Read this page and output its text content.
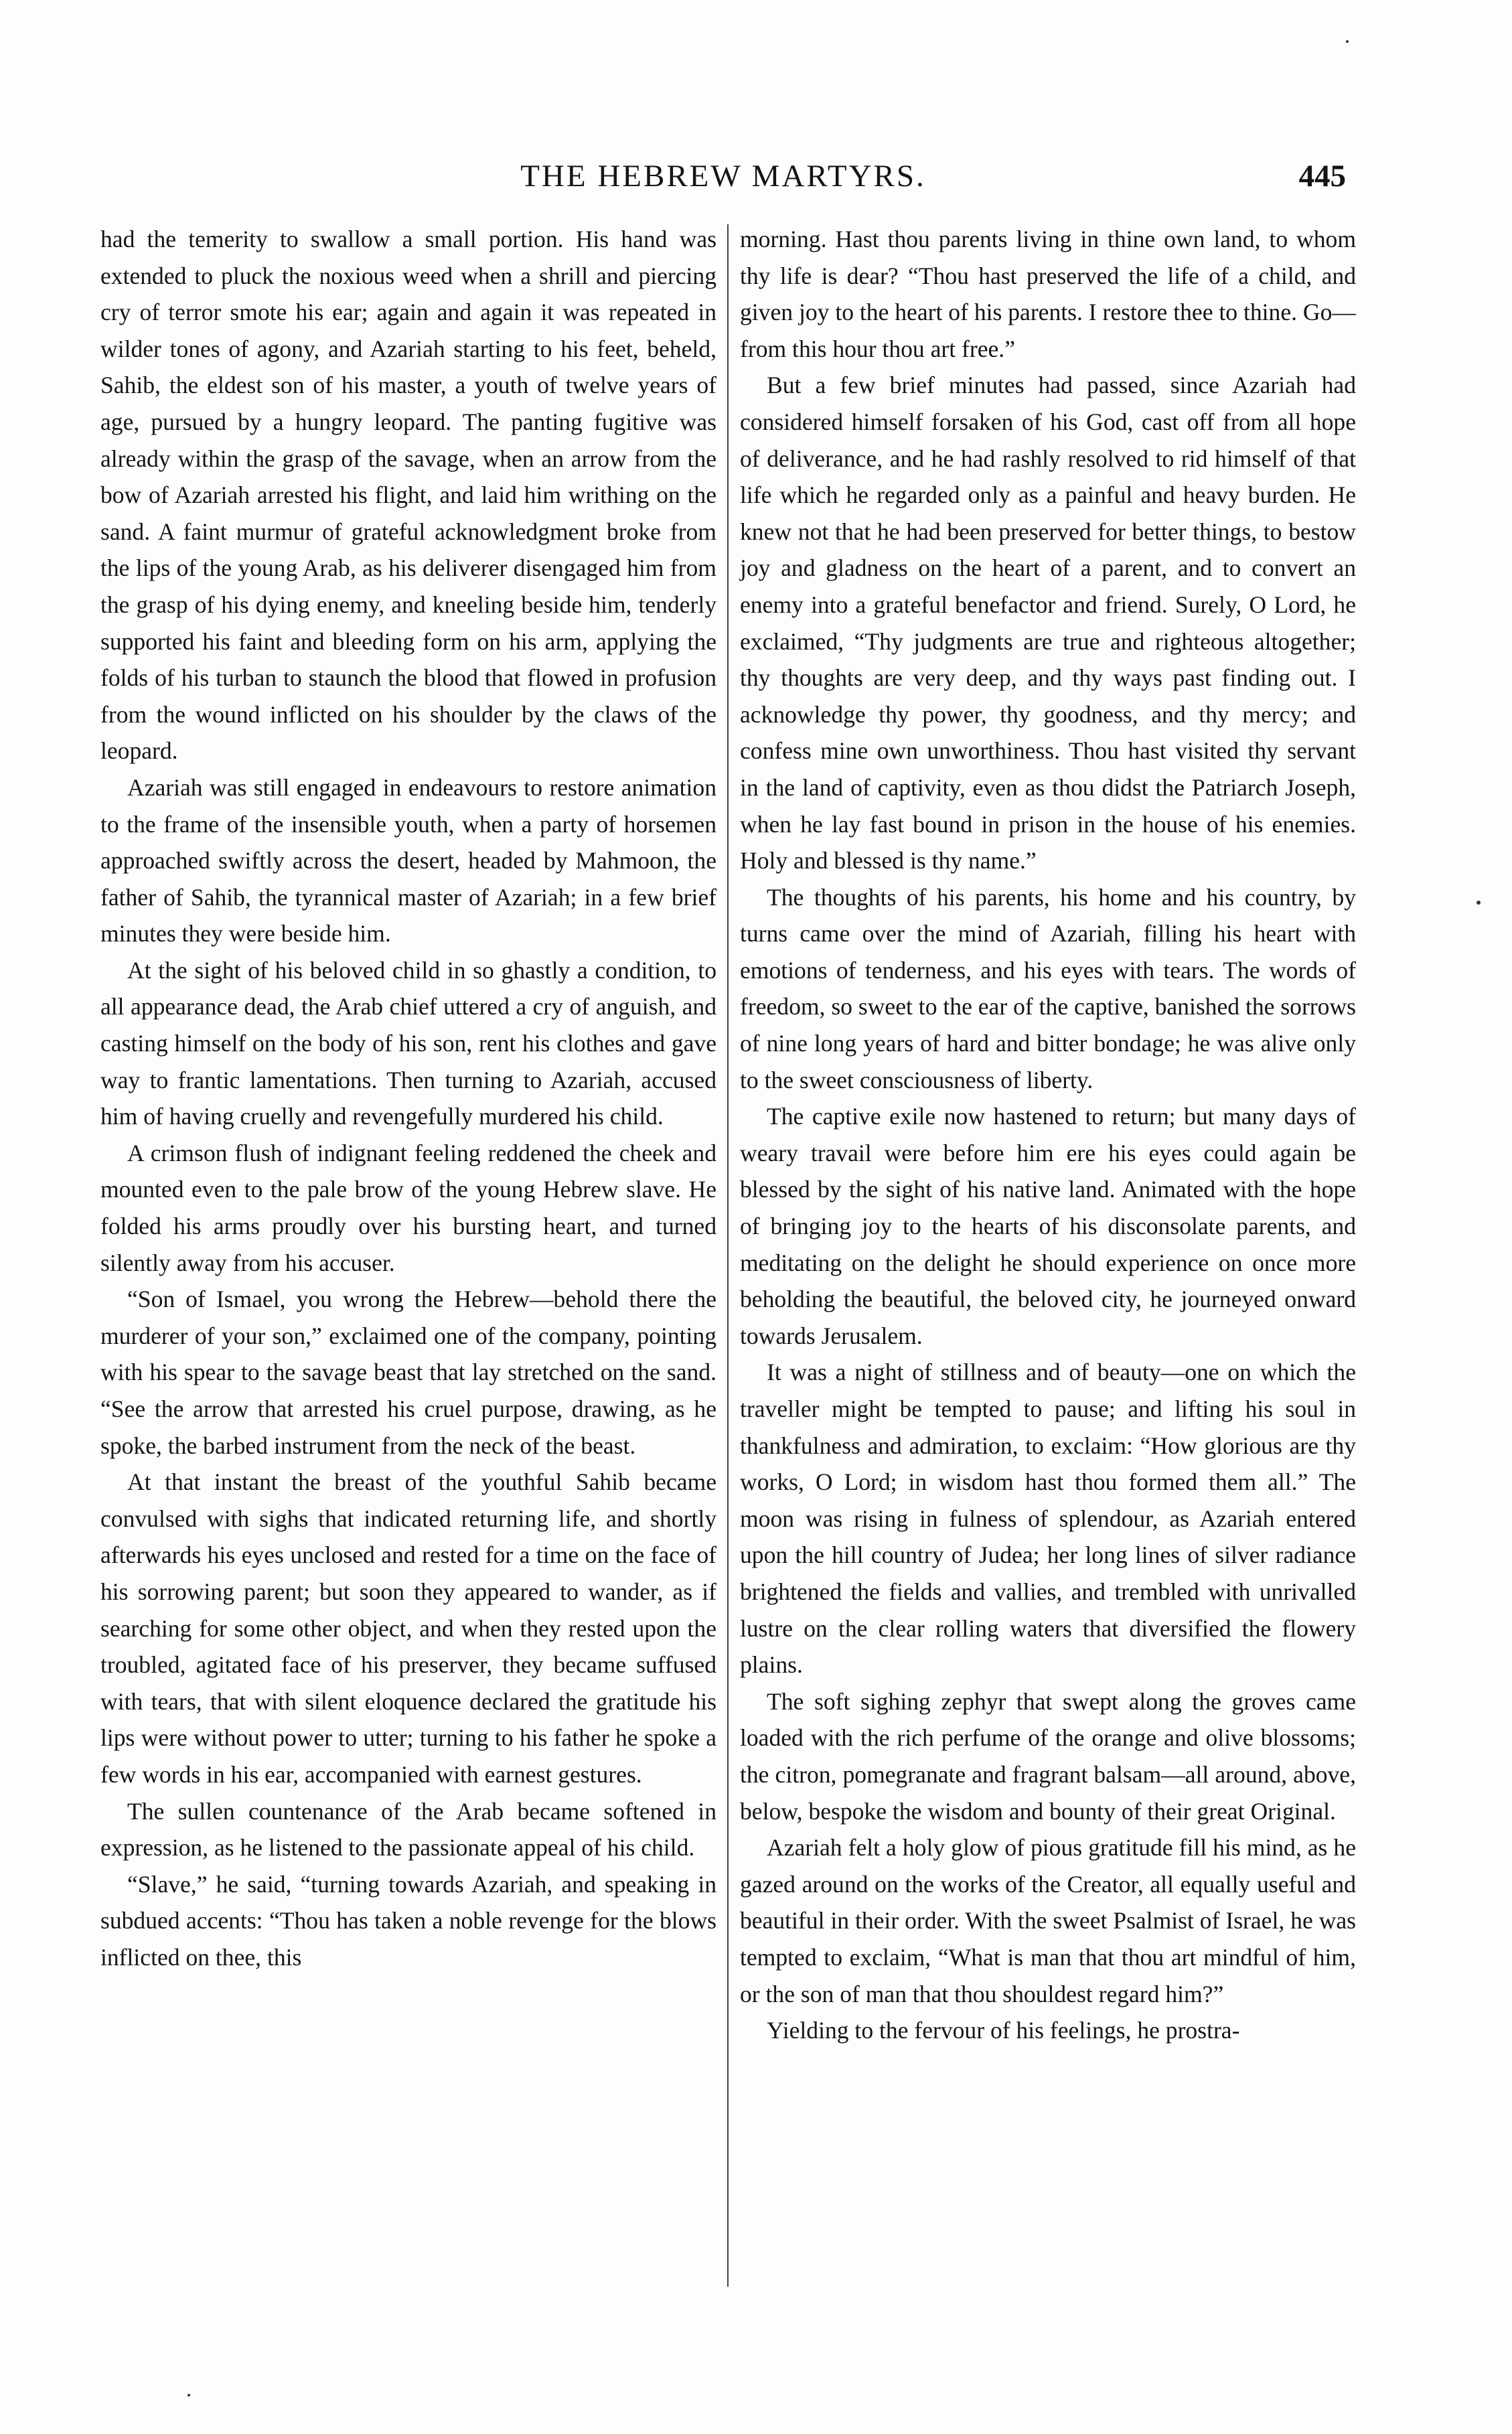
THE HEBREW MARTYRS.	445

had the temerity to swallow a small portion. His hand was extended to pluck the noxious weed when a shrill and piercing cry of terror smote his ear; again and again it was repeated in wilder tones of agony, and Azariah starting to his feet, beheld, Sahib, the eldest son of his master, a youth of twelve years of age, pursued by a hungry leopard. The panting fugitive was already within the grasp of the savage, when an arrow from the bow of Azariah arrested his flight, and laid him writhing on the sand. A faint murmur of grateful acknowledgment broke from the lips of the young Arab, as his deliverer disengaged him from the grasp of his dying enemy, and kneeling beside him, tenderly supported his faint and bleeding form on his arm, applying the folds of his turban to staunch the blood that flowed in profusion from the wound inflicted on his shoulder by the claws of the leopard.

Azariah was still engaged in endeavours to restore animation to the frame of the insensible youth, when a party of horsemen approached swiftly across the desert, headed by Mahmoon, the father of Sahib, the tyrannical master of Azariah; in a few brief minutes they were beside him.

At the sight of his beloved child in so ghastly a condition, to all appearance dead, the Arab chief uttered a cry of anguish, and casting himself on the body of his son, rent his clothes and gave way to frantic lamentations. Then turning to Azariah, accused him of having cruelly and revengefully murdered his child.

A crimson flush of indignant feeling reddened the cheek and mounted even to the pale brow of the young Hebrew slave. He folded his arms proudly over his bursting heart, and turned silently away from his accuser.

“Son of Ismael, you wrong the Hebrew—behold there the murderer of your son,” exclaimed one of the company, pointing with his spear to the savage beast that lay stretched on the sand. “See the arrow that arrested his cruel purpose, drawing, as he spoke, the barbed instrument from the neck of the beast.

At that instant the breast of the youthful Sahib became convulsed with sighs that indicated returning life, and shortly afterwards his eyes unclosed and rested for a time on the face of his sorrowing parent; but soon they appeared to wander, as if searching for some other object, and when they rested upon the troubled, agitated face of his preserver, they became suffused with tears, that with silent eloquence declared the gratitude his lips were without power to utter; turning to his father he spoke a few words in his ear, accompanied with earnest gestures.

The sullen countenance of the Arab became softened in expression, as he listened to the passionate appeal of his child.

“Slave,” he said, “turning towards Azariah, and speaking in subdued accents: “Thou has taken a noble revenge for the blows inflicted on thee, this

morning. Hast thou parents living in thine own land, to whom thy life is dear? “Thou hast preserved the life of a child, and given joy to the heart of his parents. I restore thee to thine. Go—from this hour thou art free.”

But a few brief minutes had passed, since Azariah had considered himself forsaken of his God, cast off from all hope of deliverance, and he had rashly resolved to rid himself of that life which he regarded only as a painful and heavy burden. He knew not that he had been preserved for better things, to bestow joy and gladness on the heart of a parent, and to convert an enemy into a grateful benefactor and friend. Surely, O Lord, he exclaimed, “Thy judgments are true and righteous altogether; thy thoughts are very deep, and thy ways past finding out. I acknowledge thy power, thy goodness, and thy mercy; and confess mine own unworthiness. Thou hast visited thy servant in the land of captivity, even as thou didst the Patriarch Joseph, when he lay fast bound in prison in the house of his enemies. Holy and blessed is thy name.”

The thoughts of his parents, his home and his country, by turns came over the mind of Azariah, filling his heart with emotions of tenderness, and his eyes with tears. The words of freedom, so sweet to the ear of the captive, banished the sorrows of nine long years of hard and bitter bondage; he was alive only to the sweet consciousness of liberty.

The captive exile now hastened to return; but many days of weary travail were before him ere his eyes could again be blessed by the sight of his native land. Animated with the hope of bringing joy to the hearts of his disconsolate parents, and meditating on the delight he should experience on once more beholding the beautiful, the beloved city, he journeyed onward towards Jerusalem.

It was a night of stillness and of beauty—one on which the traveller might be tempted to pause; and lifting his soul in thankfulness and admiration, to exclaim: “How glorious are thy works, O Lord; in wisdom hast thou formed them all.” The moon was rising in fulness of splendour, as Azariah entered upon the hill country of Judea; her long lines of silver radiance brightened the fields and vallies, and trembled with unrivalled lustre on the clear rolling waters that diversified the flowery plains.

The soft sighing zephyr that swept along the groves came loaded with the rich perfume of the orange and olive blossoms; the citron, pomegranate and fragrant balsam—all around, above, below, bespoke the wisdom and bounty of their great Original.

Azariah felt a holy glow of pious gratitude fill his mind, as he gazed around on the works of the Creator, all equally useful and beautiful in their order. With the sweet Psalmist of Israel, he was tempted to exclaim, “What is man that thou art mindful of him, or the son of man that thou shouldest regard him?”

Yielding to the fervour of his feelings, he prostra-
